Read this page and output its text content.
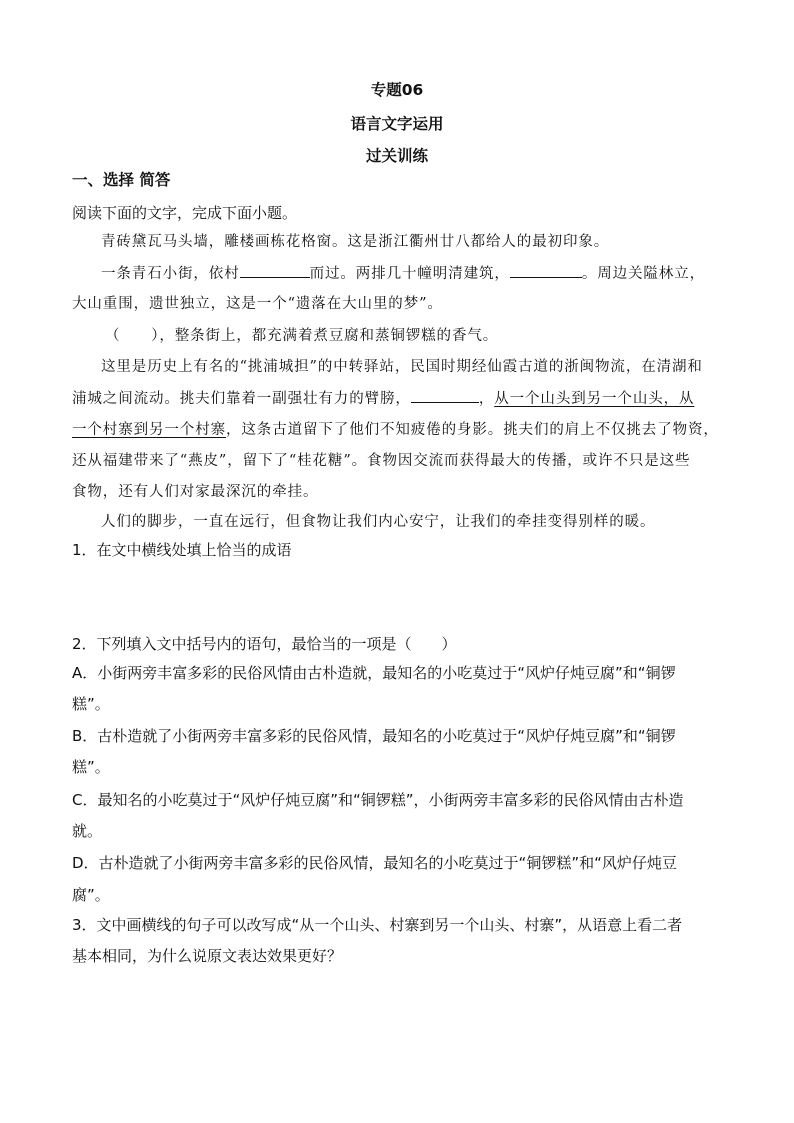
专题06
语言文字运用
过关训练
一、选择 简答
阅读下面的文字，完成下面小题。
青砖黛瓦马头墙，雕楼画栋花格窗。这是浙江衢州廿八都给人的最初印象。
一条青石小街，依村	而过。两排几十幢明清建筑，	。周边关隘林立，
大山重围，遗世独立，这是一个“遗落在大山里的梦”。
（　　），整条街上，都充满着煮豆腐和蒸铜锣糕的香气。
这里是历史上有名的“挑浦城担”的中转驿站，民国时期经仙霞古道的浙闽物流，在清湖和
浦城之间流动。挑夫们靠着一副强壮有力的臂膀，	，从一个山头到另一个山头，从
一个村寨到另一个村寨，这条古道留下了他们不知疲倦的身影。挑夫们的肩上不仅挑去了物资，
还从福建带来了“燕皮”，留下了“桂花糖”。食物因交流而获得最大的传播，或许不只是这些
食物，还有人们对家最深沉的牵挂。
人们的脚步，一直在远行，但食物让我们内心安宁，让我们的牵挂变得别样的暖。
1．在文中横线处填上恰当的成语
2．下列填入文中括号内的语句，最恰当的一项是（　　）
A．小街两旁丰富多彩的民俗风情由古朴造就，最知名的小吃莫过于“风炉仔炖豆腐”和“铜锣
糕”。
B．古朴造就了小街两旁丰富多彩的民俗风情，最知名的小吃莫过于“风炉仔炖豆腐”和“铜锣
糕”。
C．最知名的小吃莫过于“风炉仔炖豆腐”和“铜锣糕”，小街两旁丰富多彩的民俗风情由古朴造
就。
D．古朴造就了小街两旁丰富多彩的民俗风情，最知名的小吃莫过于“铜锣糕”和“风炉仔炖豆
腐”。
3．文中画横线的句子可以改写成“从一个山头、村寨到另一个山头、村寨”，从语意上看二者
基本相同，为什么说原文表达效果更好？
